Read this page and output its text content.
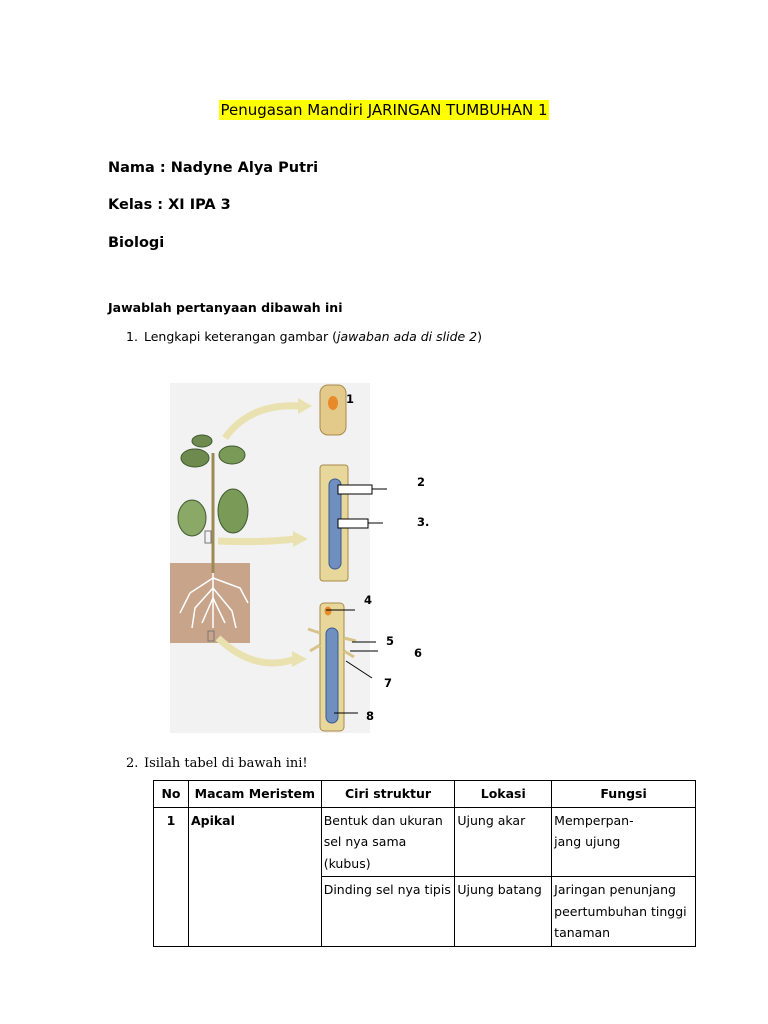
Penugasan Mandiri JARINGAN TUMBUHAN 1
Nama : Nadyne Alya Putri
Kelas : XI IPA 3
Biologi
Jawablah pertanyaan dibawah ini
1. Lengkapi keterangan gambar (jawaban ada di slide 2)
1
2
3.
4
5
6
7
8
2. Isilah tabel di bawah ini!
No	Macam Meristem	Ciri struktur	Lokasi	Fungsi
1	Apikal	Bentuk dan ukuran sel nya sama (kubus)	Ujung akar	Memperpan-
jang ujung

		Dinding sel nya tipis	Ujung batang	Jaringan penunjang peertumbuhan tinggi tanaman
